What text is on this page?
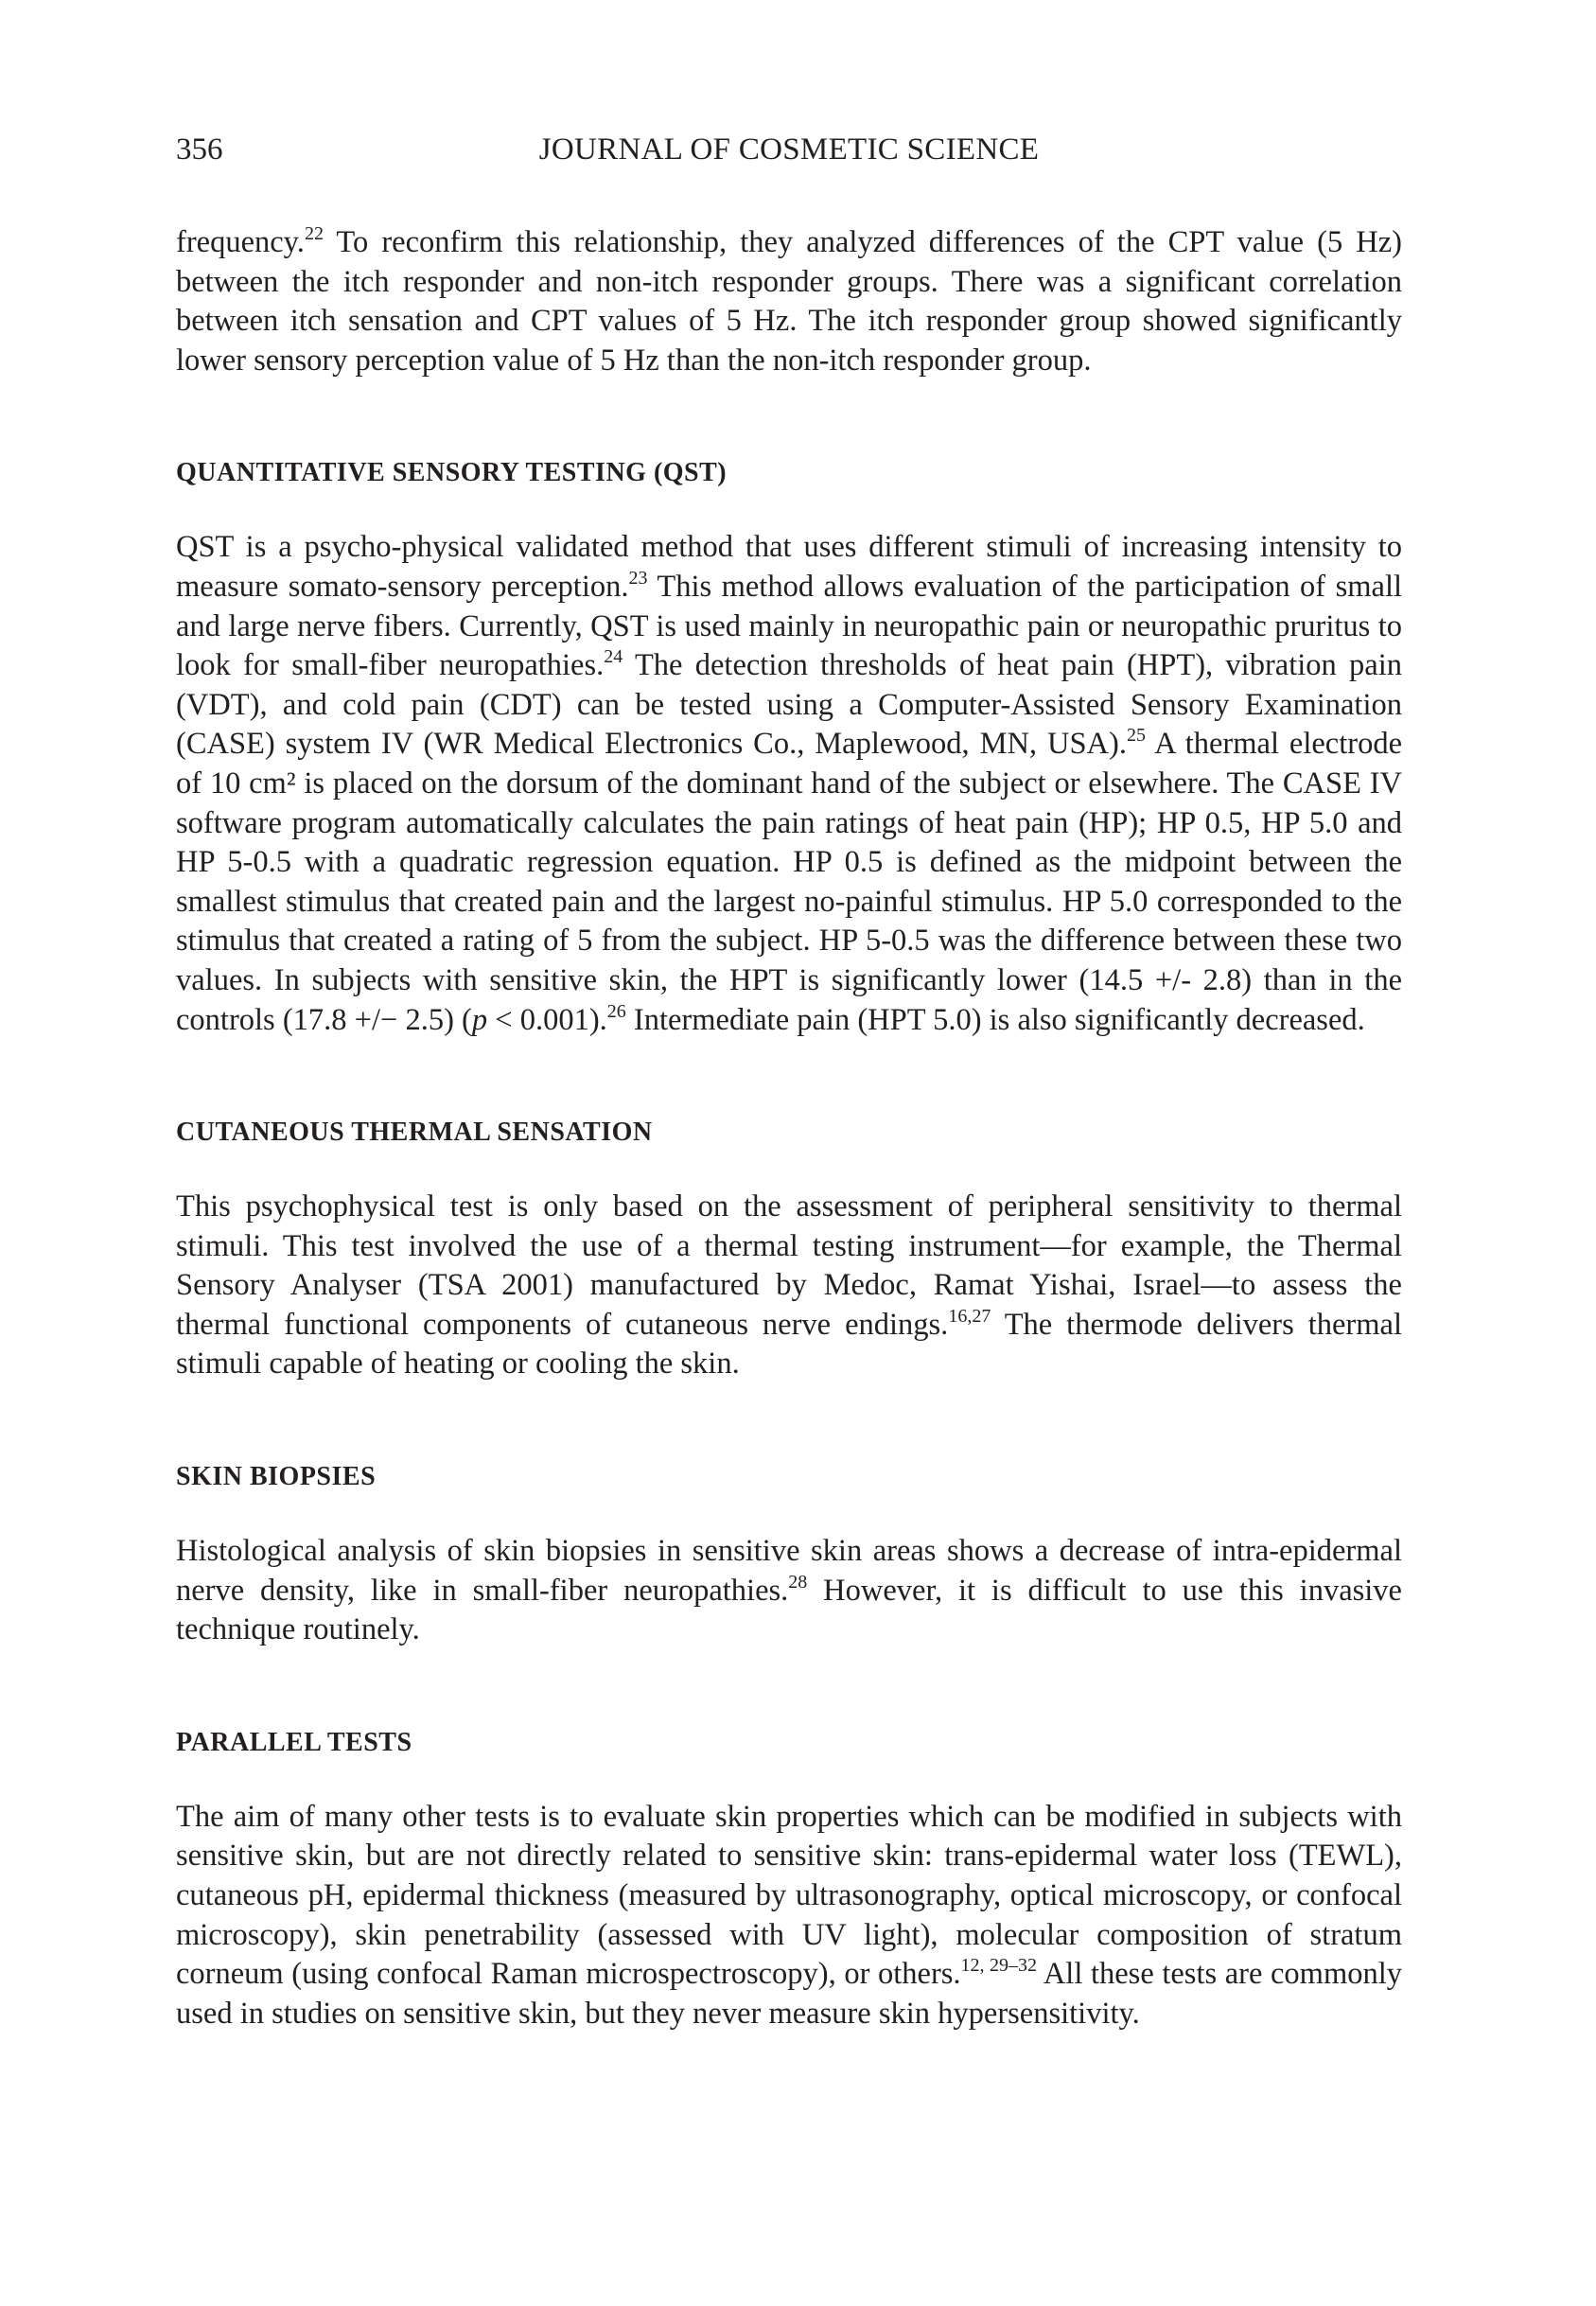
356	JOURNAL OF COSMETIC SCIENCE

frequency.$^{22}$ To reconfirm this relationship, they analyzed differences of the CPT value (5 Hz) between the itch responder and non-itch responder groups. There was a significant correlation between itch sensation and CPT values of 5 Hz. The itch responder group showed significantly lower sensory perception value of 5 Hz than the non-itch responder group.

QUANTITATIVE SENSORY TESTING (QST)

QST is a psycho-physical validated method that uses different stimuli of increasing intensity to measure somato-sensory perception.$^{23}$ This method allows evaluation of the participation of small and large nerve fibers. Currently, QST is used mainly in neuropathic pain or neuropathic pruritus to look for small-fiber neuropathies.$^{24}$ The detection thresholds of heat pain (HPT), vibration pain (VDT), and cold pain (CDT) can be tested using a Computer-Assisted Sensory Examination (CASE) system IV (WR Medical Electronics Co., Maplewood, MN, USA).$^{25}$ A thermal electrode of 10 cm² is placed on the dorsum of the dominant hand of the subject or elsewhere. The CASE IV software program automatically calculates the pain ratings of heat pain (HP); HP 0.5, HP 5.0 and HP 5-0.5 with a quadratic regression equation. HP 0.5 is defined as the midpoint between the smallest stimulus that created pain and the largest no-painful stimulus. HP 5.0 corresponded to the stimulus that created a rating of 5 from the subject. HP 5-0.5 was the difference between these two values. In subjects with sensitive skin, the HPT is significantly lower (14.5 +/- 2.8) than in the controls (17.8 +/− 2.5) (p < 0.001).$^{26}$ Intermediate pain (HPT 5.0) is also significantly decreased.

CUTANEOUS THERMAL SENSATION

This psychophysical test is only based on the assessment of peripheral sensitivity to thermal stimuli. This test involved the use of a thermal testing instrument—for example, the Thermal Sensory Analyser (TSA 2001) manufactured by Medoc, Ramat Yishai, Israel—to assess the thermal functional components of cutaneous nerve endings.$^{16,27}$ The thermode delivers thermal stimuli capable of heating or cooling the skin.

SKIN BIOPSIES

Histological analysis of skin biopsies in sensitive skin areas shows a decrease of intra-epidermal nerve density, like in small-fiber neuropathies.$^{28}$ However, it is difficult to use this invasive technique routinely.

PARALLEL TESTS

The aim of many other tests is to evaluate skin properties which can be modified in subjects with sensitive skin, but are not directly related to sensitive skin: trans-epidermal water loss (TEWL), cutaneous pH, epidermal thickness (measured by ultrasonography, optical microscopy, or confocal microscopy), skin penetrability (assessed with UV light), molecular composition of stratum corneum (using confocal Raman microspectroscopy), or others.$^{12, 29-32}$ All these tests are commonly used in studies on sensitive skin, but they never measure skin hypersensitivity.
